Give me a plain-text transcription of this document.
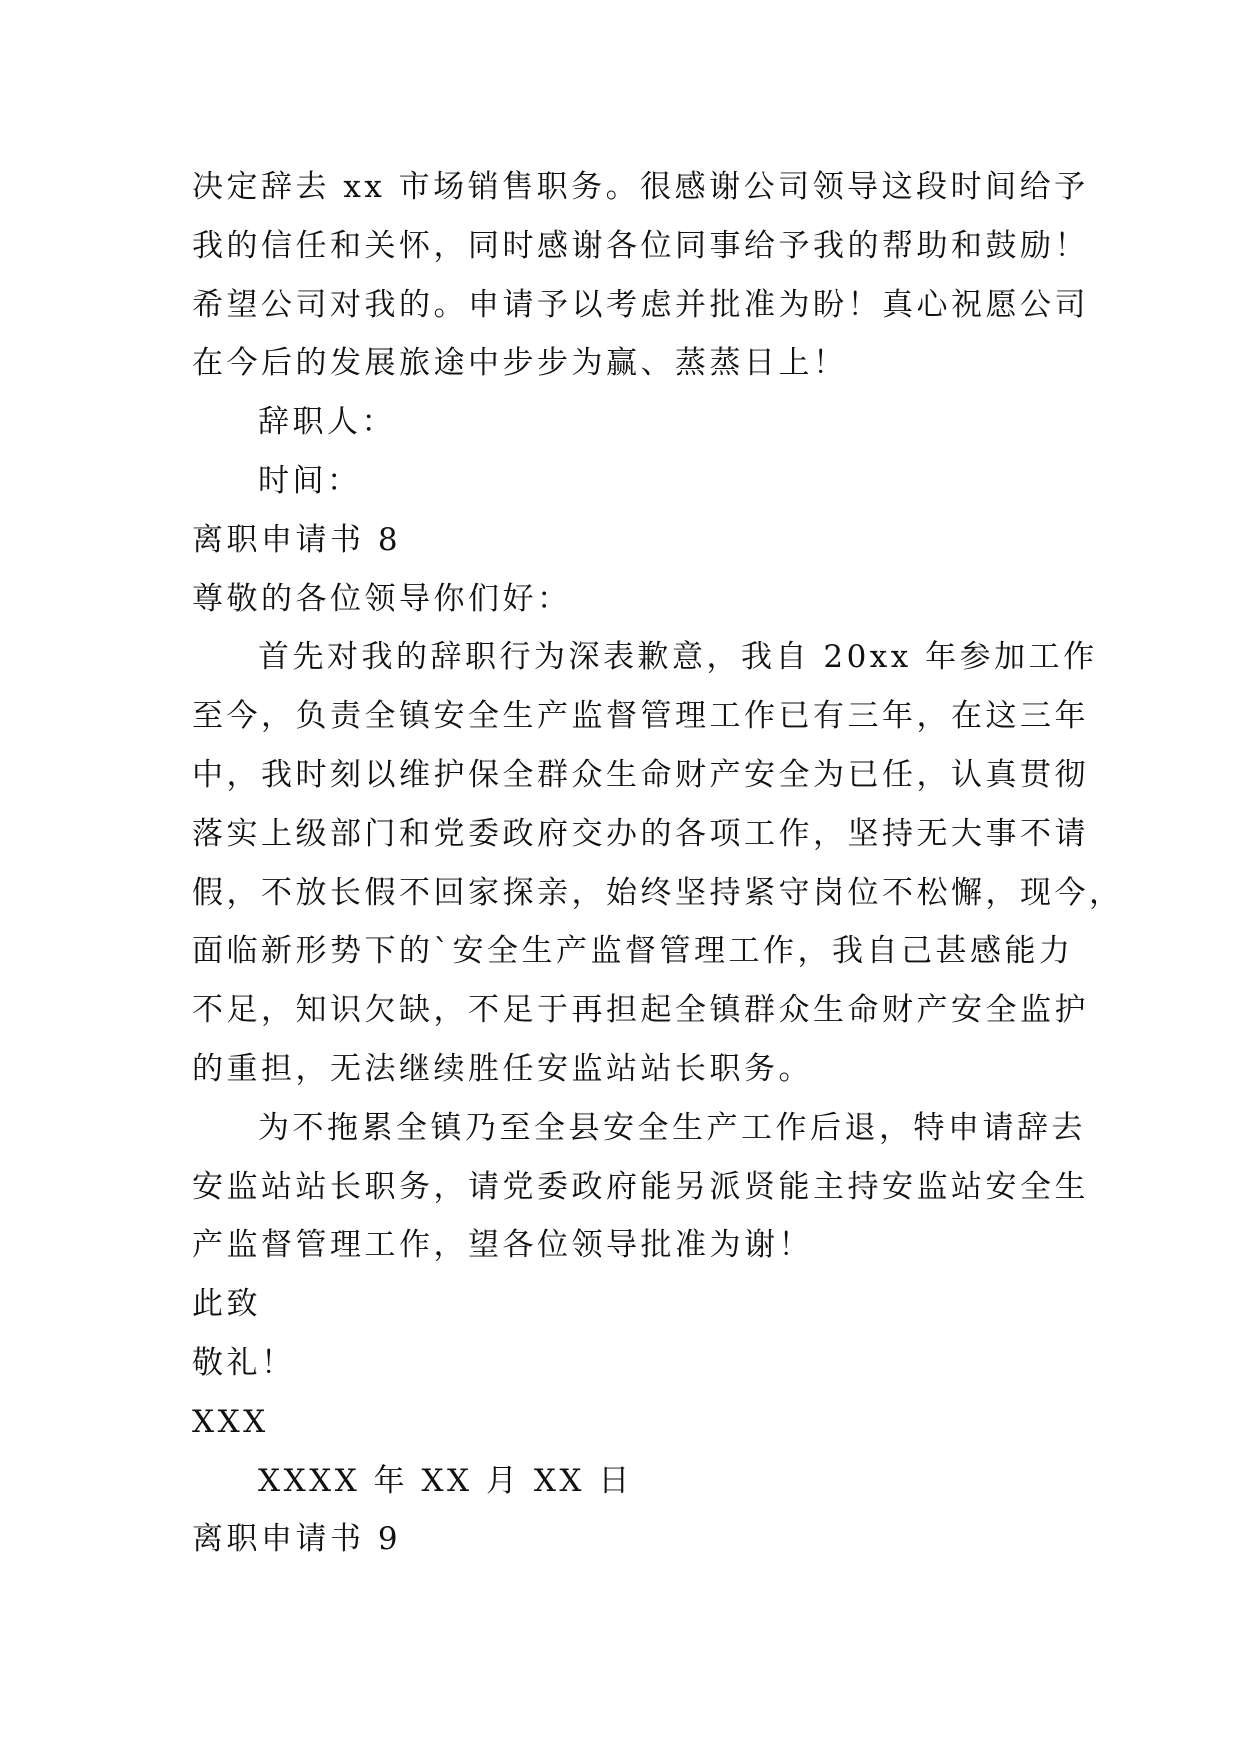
决定辞去 xx 市场销售职务。很感谢公司领导这段时间给予
我的信任和关怀，同时感谢各位同事给予我的帮助和鼓励！
希望公司对我的。申请予以考虑并批准为盼！真心祝愿公司
在今后的发展旅途中步步为赢、蒸蒸日上！
辞职人：
时间：
离职申请书 8
尊敬的各位领导你们好：
首先对我的辞职行为深表歉意，我自 20xx 年参加工作
至今，负责全镇安全生产监督管理工作已有三年，在这三年
中，我时刻以维护保全群众生命财产安全为已任，认真贯彻
落实上级部门和党委政府交办的各项工作，坚持无大事不请
假，不放长假不回家探亲，始终坚持紧守岗位不松懈，现今，
面临新形势下的`安全生产监督管理工作，我自己甚感能力
不足，知识欠缺，不足于再担起全镇群众生命财产安全监护
的重担，无法继续胜任安监站站长职务。
为不拖累全镇乃至全县安全生产工作后退，特申请辞去
安监站站长职务，请党委政府能另派贤能主持安监站安全生
产监督管理工作，望各位领导批准为谢！
此致
敬礼！
XXX
XXXX 年 XX 月 XX 日
离职申请书 9
